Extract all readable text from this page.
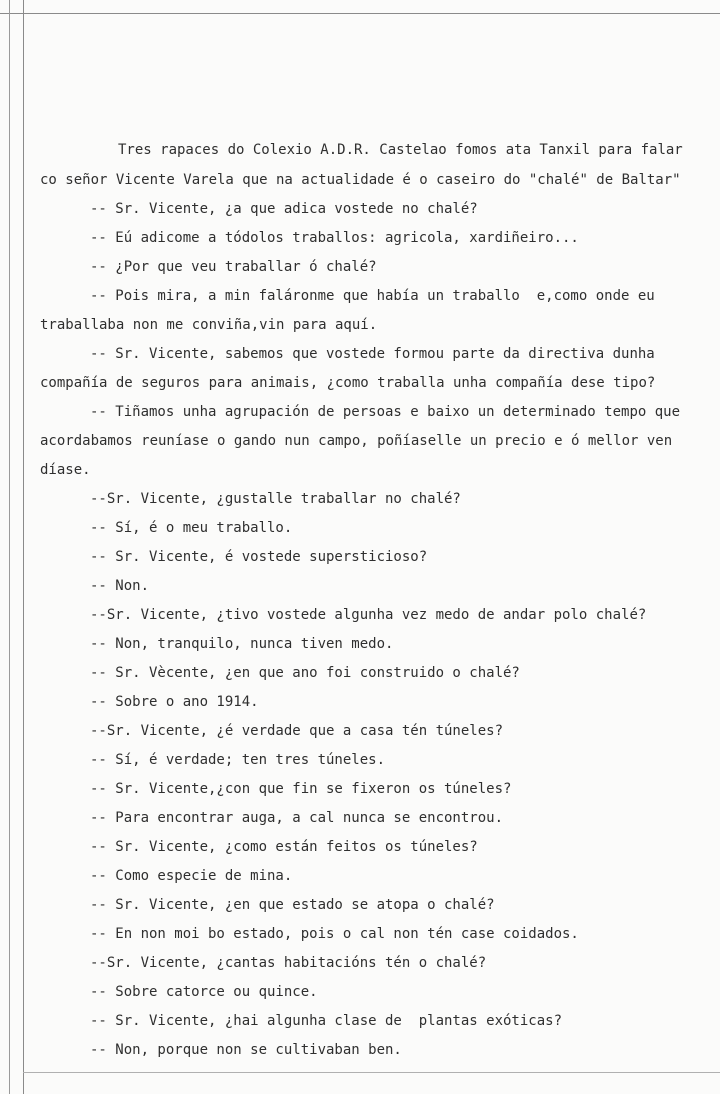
Tres rapaces do Colexio A.D.R. Castelao fomos ata Tanxil para falar

co señor Vicente Varela que na actualidade é o caseiro do "chalé" de Baltar"

-- Sr. Vicente, ¿a que adica vostede no chalé?

-- Eú adicome a tódolos traballos: agricola, xardiñeiro...

-- ¿Por que veu traballar ó chalé?

-- Pois mira, a min faláronme que había un traballo  e,como onde eu

traballaba non me conviña,vin para aquí.

-- Sr. Vicente, sabemos que vostede formou parte da directiva dunha

compañía de seguros para animais, ¿como traballa unha compañía dese tipo?

-- Tiñamos unha agrupación de persoas e baixo un determinado tempo que

acordabamos reuníase o gando nun campo, poñíaselle un precio e ó mellor ven

díase.

--Sr. Vicente, ¿gustalle traballar no chalé?

-- Sí, é o meu traballo.

-- Sr. Vicente, é vostede supersticioso?

-- Non.

--Sr. Vicente, ¿tivo vostede algunha vez medo de andar polo chalé?

-- Non, tranquilo, nunca tiven medo.

-- Sr. Vècente, ¿en que ano foi construido o chalé?

-- Sobre o ano 1914.

--Sr. Vicente, ¿é verdade que a casa tén túneles?

-- Sí, é verdade; ten tres túneles.

-- Sr. Vicente,¿con que fin se fixeron os túneles?

-- Para encontrar auga, a cal nunca se encontrou.

-- Sr. Vicente, ¿como están feitos os túneles?

-- Como especie de mina.

-- Sr. Vicente, ¿en que estado se atopa o chalé?

-- En non moi bo estado, pois o cal non tén case coidados.

--Sr. Vicente, ¿cantas habitacións tén o chalé?

-- Sobre catorce ou quince.

-- Sr. Vicente, ¿hai algunha clase de  plantas exóticas?

-- Non, porque non se cultivaban ben.
